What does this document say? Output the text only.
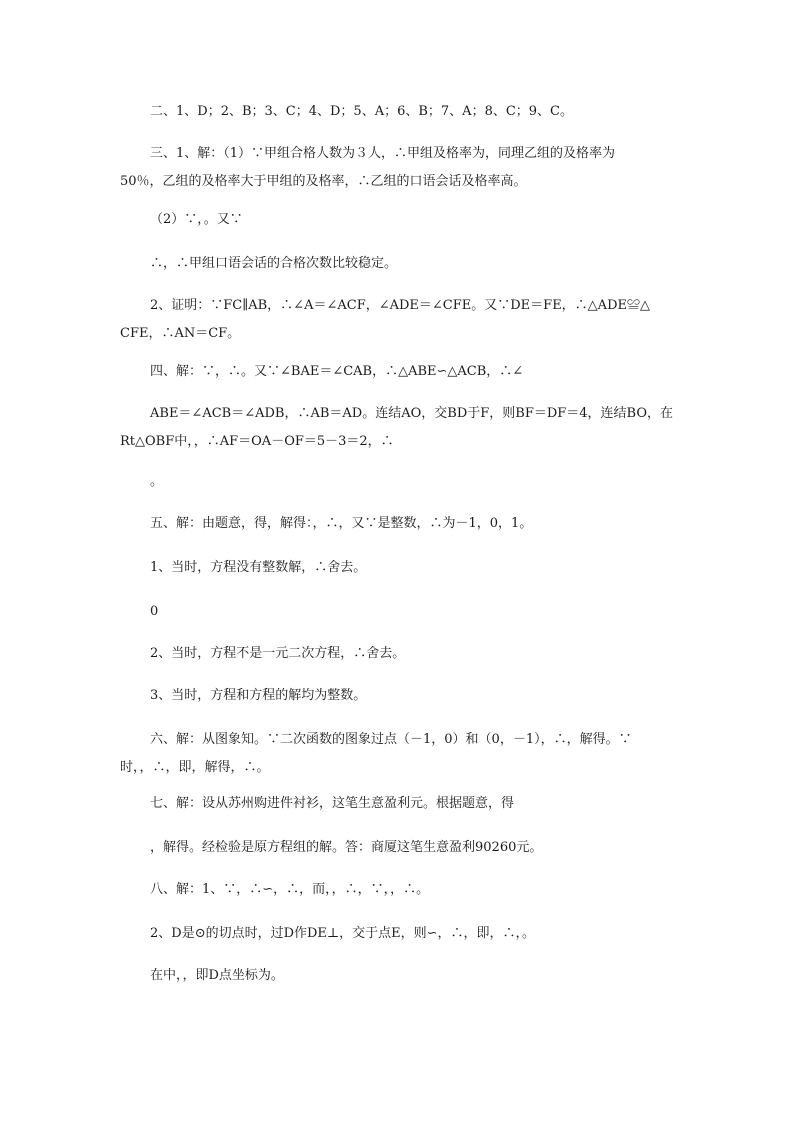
二、1、D；2、B；3、C；4、D；5、A；6、B；7、A；8、C；9、C。
三、1、解：（1）∵甲组合格人数为３人，∴甲组及格率为，同理乙组的及格率为
50％，乙组的及格率大于甲组的及格率，∴乙组的口语会话及格率高。
（2）∵，。又∵
∴，∴甲组口语会话的合格次数比较稳定。
2、证明：∵FC∥AB，∴∠A＝∠ACF，∠ADE＝∠CFE。又∵DE＝FE，∴△ADE≌△
CFE，∴AN＝CF。
四、解：∵，∴。又∵∠BAE＝∠CAB，∴△ABE∽△ACB，∴∠
ABE＝∠ACB＝∠ADB，∴AB＝AD。连结AO，交BD于F，则BF＝DF＝4，连结BO，在
Rt△OBF中，，∴AF＝OA－OF＝5－3＝2，∴
。
五、解：由题意，得，解得：，∴，又∵是整数，∴为－1，0，1。
1、当时，方程没有整数解，∴舍去。
0
2、当时，方程不是一元二次方程，∴舍去。
3、当时，方程和方程的解均为整数。
六、解：从图象知。∵二次函数的图象过点（－1，0）和（0，－1），∴，解得。∵
时，，∴，即，解得，∴。
七、解：设从苏州购进件衬衫，这笔生意盈利元。根据题意，得
，解得。经检验是原方程组的解。答：商厦这笔生意盈利90260元。
八、解：1、∵，∴∽，∴，而，，∴，∵，，∴。
2、D是⊙的切点时，过D作DE⊥，交于点E，则∽，∴，即，∴，。
在中，，即D点坐标为。
